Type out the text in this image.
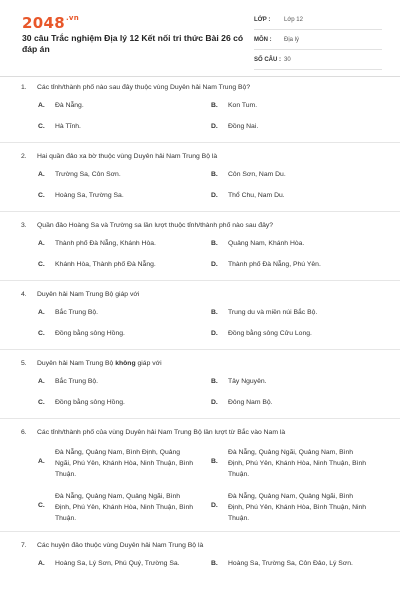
$2048^{.vn}$
30 câu Trắc nghiệm Địa lý 12 Kết nối tri thức Bài 26 có đáp án
LỚP : Lớp 12
MÔN : Địa lý
SỐ CÂU : 30
1. Các tỉnh/thành phố nào sau đây thuộc vùng Duyên hải Nam Trung Bộ?
A. Đà Nẵng.	B. Kon Tum.
C. Hà Tĩnh.	D. Đồng Nai.
2. Hai quần đảo xa bờ thuộc vùng Duyên hải Nam Trung Bộ là
A. Trường Sa, Côn Sơn.	B. Côn Sơn, Nam Du.
C. Hoàng Sa, Trường Sa.	D. Thổ Chu, Nam Du.
3. Quần đảo Hoàng Sa và Trường sa lần lượt thuộc tỉnh/thành phố nào sau đây?
A. Thành phố Đà Nẵng, Khánh Hòa.	B. Quảng Nam, Khánh Hòa.
C. Khánh Hòa, Thành phố Đà Nẵng.	D. Thành phố Đà Nẵng, Phú Yên.
4. Duyên hải Nam Trung Bộ giáp với
A. Bắc Trung Bộ.	B. Trung du và miền núi Bắc Bộ.
C. Đồng bằng sông Hồng.	D. Đồng bằng sông Cửu Long.
5. Duyên hải Nam Trung Bộ không giáp với
A. Bắc Trung Bộ.	B. Tây Nguyên.
C. Đồng bằng sông Hồng.	D. Đông Nam Bộ.
6. Các tỉnh/thành phố của vùng Duyên hải Nam Trung Bộ lần lượt từ Bắc vào Nam là
A.
Đà Nẵng, Quảng Nam, Bình Định, Quảng Ngãi, Phú Yên, Khánh Hòa, Ninh Thuận, Bình Thuận.
B.
Đà Nẵng, Quảng Ngãi, Quảng Nam, Bình Định, Phú Yên, Khánh Hòa, Ninh Thuận, Bình Thuận.
C.
Đà Nẵng, Quảng Nam, Quảng Ngãi, Bình Định, Phú Yên, Khánh Hòa, Ninh Thuận, Bình Thuận.
D.
Đà Nẵng, Quảng Nam, Quảng Ngãi, Bình Định, Phú Yên, Khánh Hòa, Bình Thuận, Ninh Thuận.
7. Các huyện đảo thuộc vùng Duyên hải Nam Trung Bộ là
A. Hoàng Sa, Lý Sơn, Phú Quý, Trường Sa.	B. Hoàng Sa, Trường Sa, Côn Đảo, Lý Sơn.
